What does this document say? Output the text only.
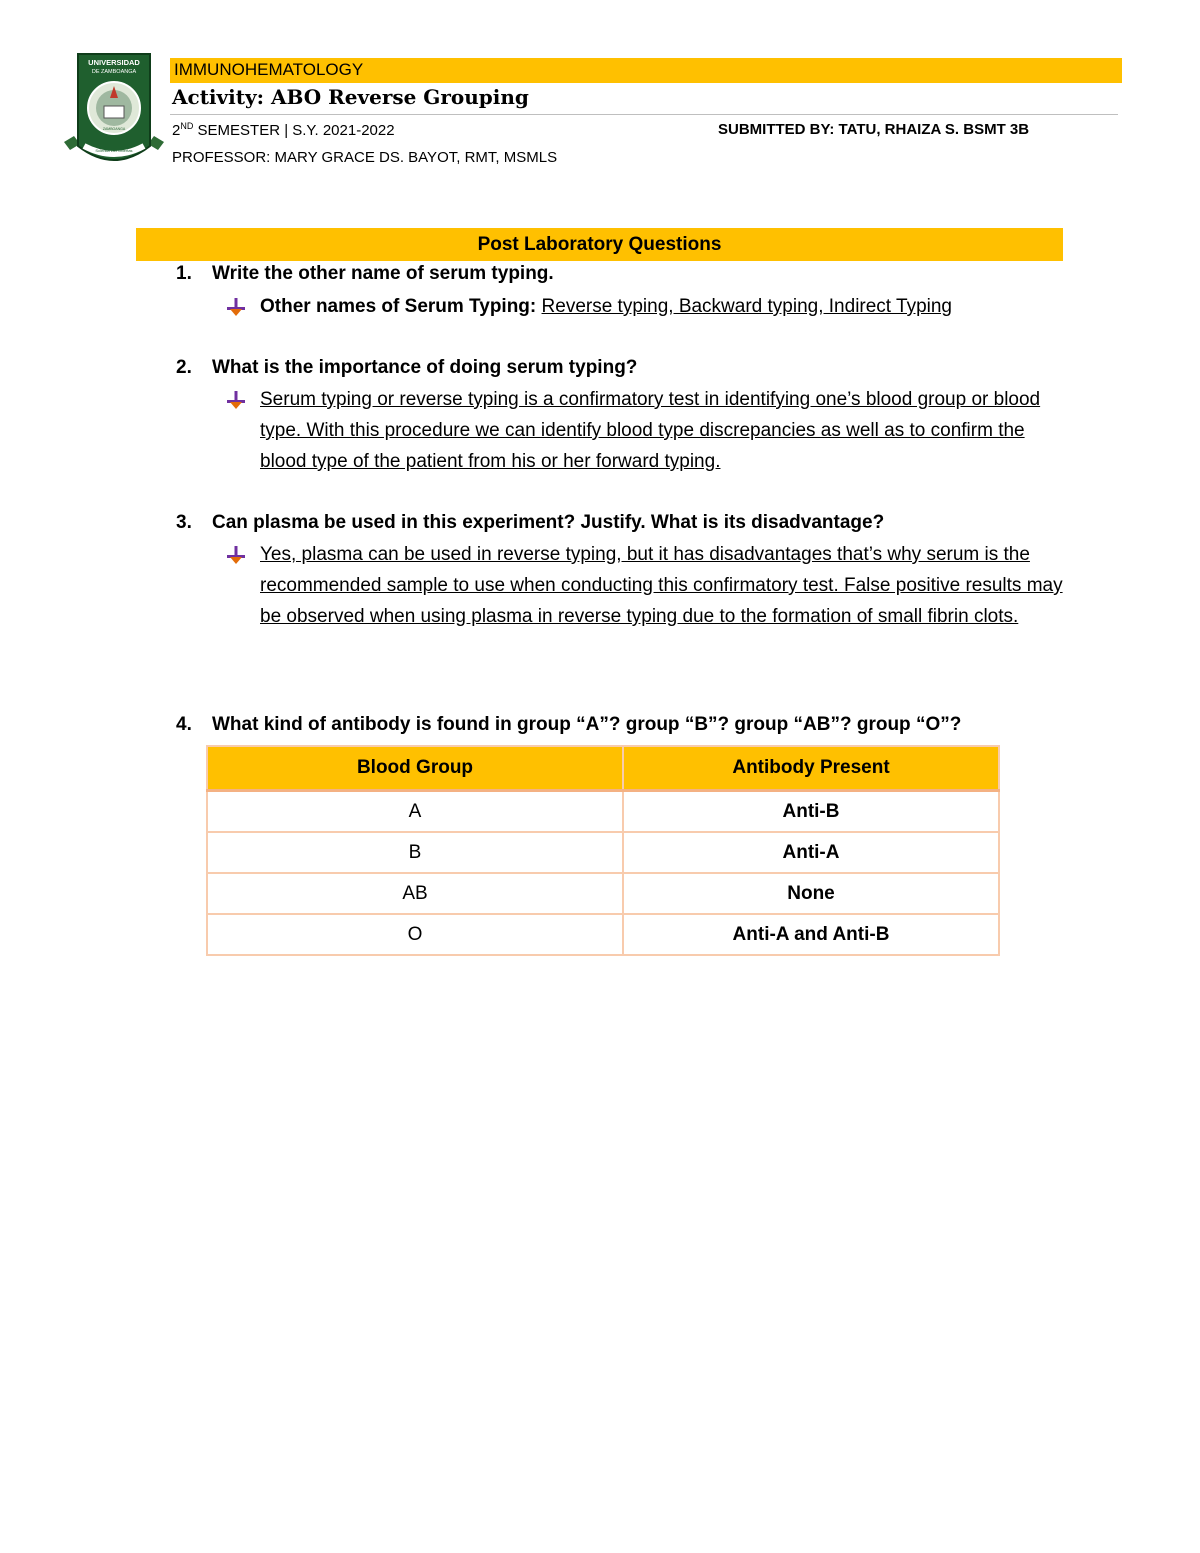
UNIVERSIDAD
DE ZAMBOANGA
ZAMBOANGA
Scientia Lux Libertas
IMMUNOHEMATOLOGY
Activity: ABO Reverse Grouping
2ND SEMESTER | S.Y. 2021-2022	SUBMITTED BY: TATU, RHAIZA S. BSMT 3B
PROFESSOR: MARY GRACE DS. BAYOT, RMT, MSMLS
Post Laboratory Questions
1. Write the other name of serum typing.
Other names of Serum Typing: Reverse typing, Backward typing, Indirect Typing
2. What is the importance of doing serum typing?
Serum typing or reverse typing is a confirmatory test in identifying one’s blood group or blood type. With this procedure we can identify blood type discrepancies as well as to confirm the blood type of the patient from his or her forward typing.
3. Can plasma be used in this experiment? Justify. What is its disadvantage?
Yes, plasma can be used in reverse typing, but it has disadvantages that’s why serum is the recommended sample to use when conducting this confirmatory test. False positive results may be observed when using plasma in reverse typing due to the formation of small fibrin clots.
4. What kind of antibody is found in group “A”? group “B”? group “AB”? group “O”?
Blood Group	Antibody Present
A	Anti-B
B	Anti-A
AB	None
O	Anti-A and Anti-B
